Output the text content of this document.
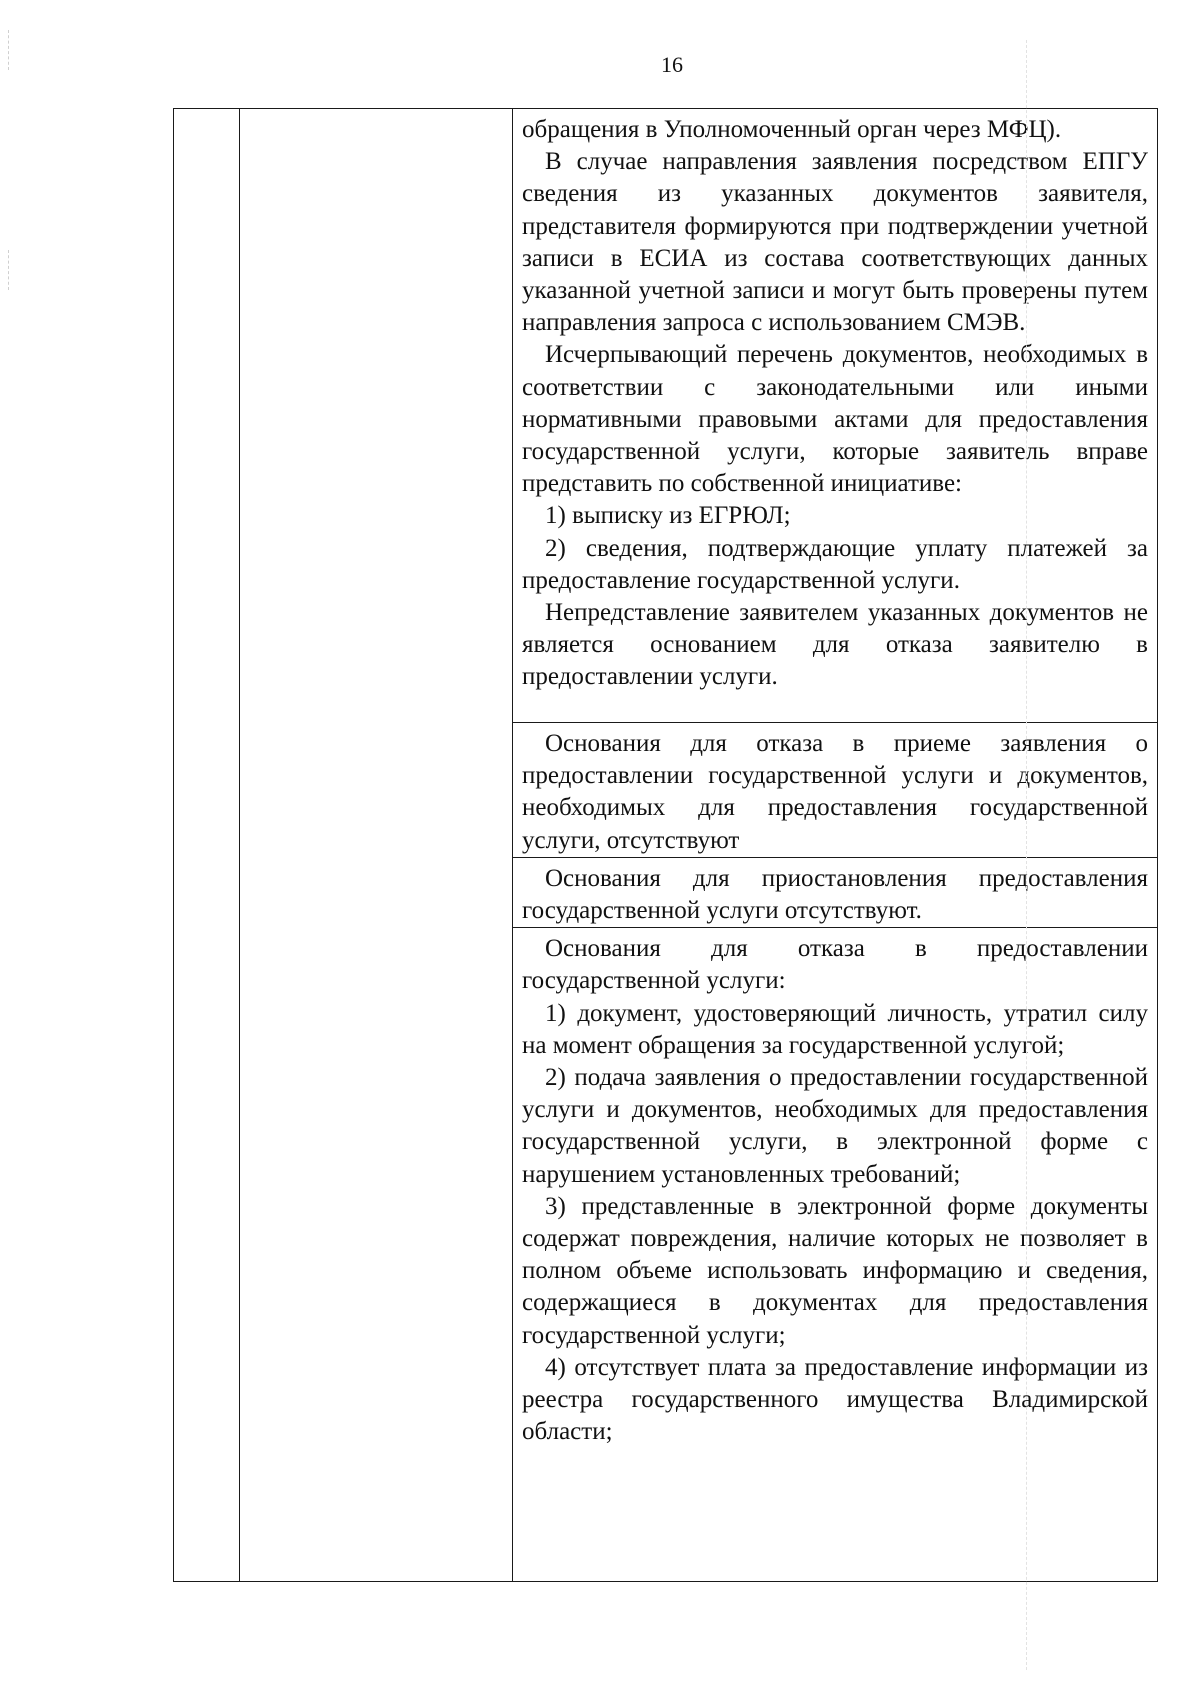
16

обращения в Уполномоченный орган через МФЦ).

В случае направления заявления посредством ЕПГУ сведения из указанных документов заявителя, представителя формируются при подтверждении учетной записи в ЕСИА из состава соответствующих данных указанной учетной записи и могут быть проверены путем направления запроса с использованием СМЭВ.

Исчерпывающий перечень документов, необходимых в соответствии с законодательными или иными нормативными правовыми актами для предоставления государственной услуги, которые заявитель вправе представить по собственной инициативе:

1) выписку из ЕГРЮЛ;

2) сведения, подтверждающие уплату платежей за предоставление государственной услуги.

Непредставление заявителем указанных документов не является основанием для отказа заявителю в предоставлении услуги.

Основания для отказа в приеме заявления о предоставлении государственной услуги и документов, необходимых для предоставления государственной услуги, отсутствуют

Основания для приостановления предоставления государственной услуги отсутствуют.

Основания для отказа в предоставлении государственной услуги:

1) документ, удостоверяющий личность, утратил силу на момент обращения за государственной услугой;

2) подача заявления о предоставлении государственной услуги и документов, необходимых для предоставления государственной услуги, в электронной форме с нарушением установленных требований;

3) представленные в электронной форме документы содержат повреждения, наличие которых не позволяет в полном объеме использовать информацию и сведения, содержащиеся в документах для предоставления государственной услуги;

4) отсутствует плата за предоставление информации из реестра государственного имущества Владимирской области;
